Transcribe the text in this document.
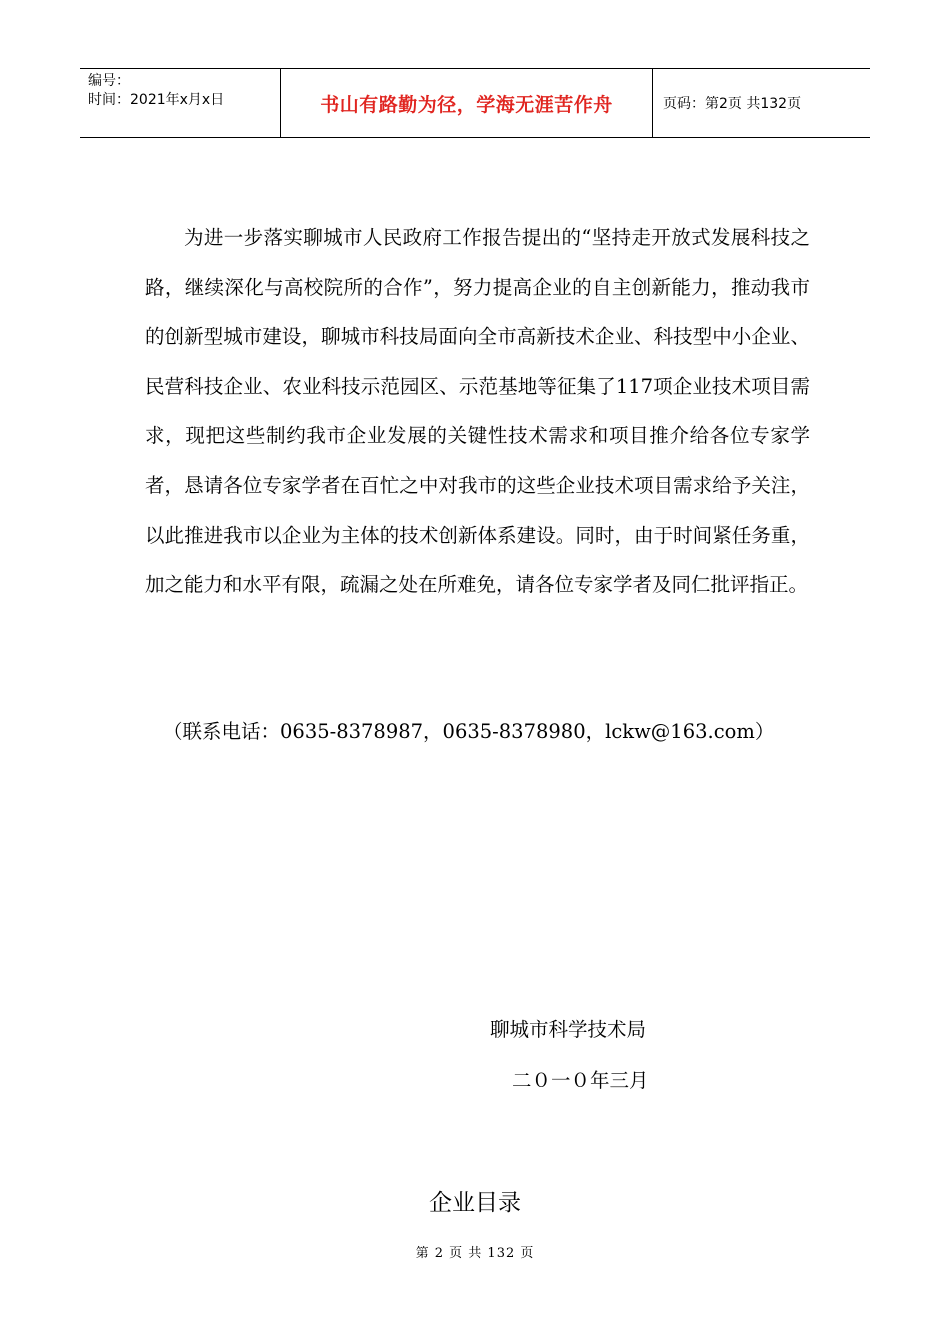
编号：
时间：2021年x月x日	书山有路勤为径，学海无涯苦作舟	页码：第2页 共132页

为进一步落实聊城市人民政府工作报告提出的“坚持走开放式发展科技之路，继续深化与高校院所的合作”，努力提高企业的自主创新能力，推动我市的创新型城市建设，聊城市科技局面向全市高新技术企业、科技型中小企业、民营科技企业、农业科技示范园区、示范基地等征集了117项企业技术项目需求，现把这些制约我市企业发展的关键性技术需求和项目推介给各位专家学者，恳请各位专家学者在百忙之中对我市的这些企业技术项目需求给予关注，以此推进我市以企业为主体的技术创新体系建设。同时，由于时间紧任务重，加之能力和水平有限，疏漏之处在所难免，请各位专家学者及同仁批评指正。

（联系电话：0635-8378987，0635-8378980，lckw@163.com）
聊城市科学技术局
二０一０年三月
企业目录
第 2 页 共 132 页
